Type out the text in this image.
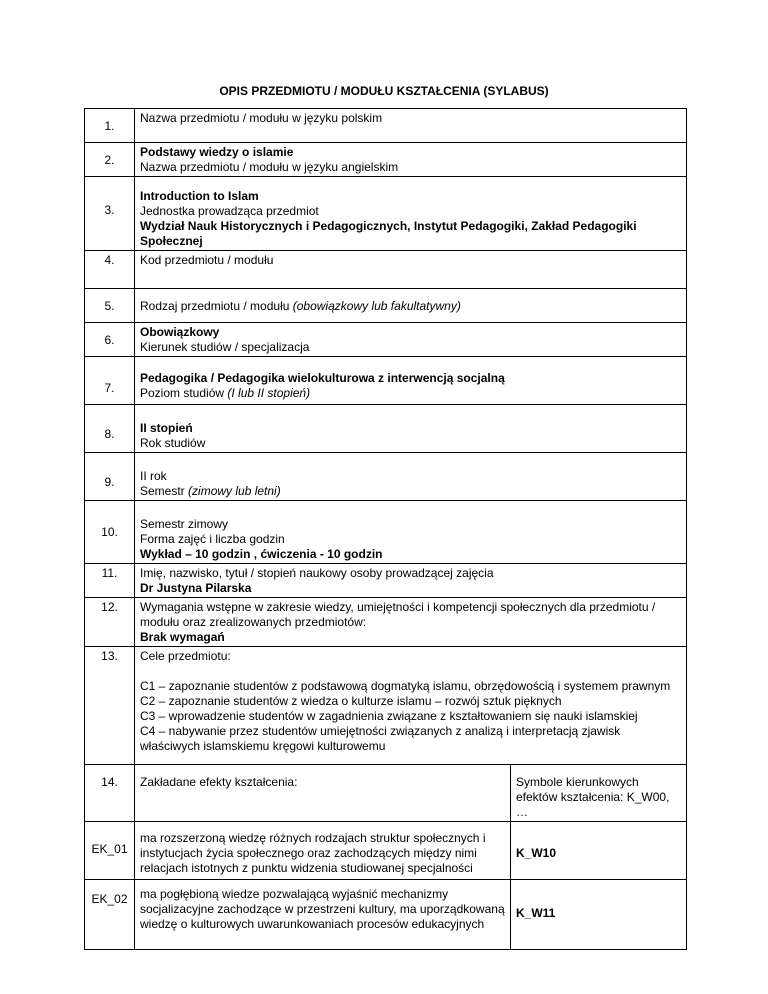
OPIS PRZEDMIOTU / MODUŁU KSZTAŁCENIA (SYLABUS)
1.	Nazwa przedmiotu / modułu w języku polskim	

2.	Podstawy wiedzy o islamie
Nazwa przedmiotu / modułu w języku angielskim	

3.	Introduction to Islam
Jednostka prowadząca przedmiot
Wydział Nauk Historycznych i Pedagogicznych, Instytut Pedagogiki, Zakład Pedagogiki Społecznej	

4.	Kod przedmiotu / modułu	

5.	Rodzaj przedmiotu / modułu (obowiązkowy lub fakultatywny)	

6.	Obowiązkowy
Kierunek studiów / specjalizacja	

7.	Pedagogika / Pedagogika wielokulturowa z interwencją socjalną
Poziom studiów (I lub II stopień)	

8.	II stopień
Rok studiów	

9.	II rok
Semestr (zimowy lub letni)	

10.	Semestr zimowy
Forma zajęć i liczba godzin
Wykład – 10 godzin , ćwiczenia - 10 godzin	

11.	Imię, nazwisko, tytuł / stopień naukowy osoby prowadzącej zajęcia
Dr Justyna Pilarska	

12.	Wymagania wstępne w zakresie wiedzy, umiejętności i kompetencji społecznych dla przedmiotu / modułu oraz zrealizowanych przedmiotów:
Brak wymagań	

13.	Cele przedmiotu:
C1 – zapoznanie studentów z podstawową dogmatyką islamu, obrzędowością i systemem prawnym
C2 – zapoznanie studentów z wiedza o kulturze islamu – rozwój sztuk pięknych
C3 – wprowadzenie studentów w zagadnienia związane z kształtowaniem się nauki islamskiej
C4 – nabywanie przez studentów umiejętności związanych z analizą i interpretacją zjawisk właściwych islamskiemu kręgowi kulturowemu	

14.	Zakładane efekty kształcenia:	Symbole kierunkowych efektów kształcenia: K_W00, …

EK_01	ma rozszerzoną wiedzę różnych rodzajach struktur społecznych i instytucjach życia społecznego oraz zachodzących między nimi relacjach istotnych z punktu widzenia studiowanej specjalności	K_W10

EK_02	ma pogłębioną wiedze pozwalającą wyjaśnić mechanizmy socjalizacyjne zachodzące w przestrzeni kultury, ma uporządkowaną wiedzę o kulturowych uwarunkowaniach procesów edukacyjnych	K_W11
